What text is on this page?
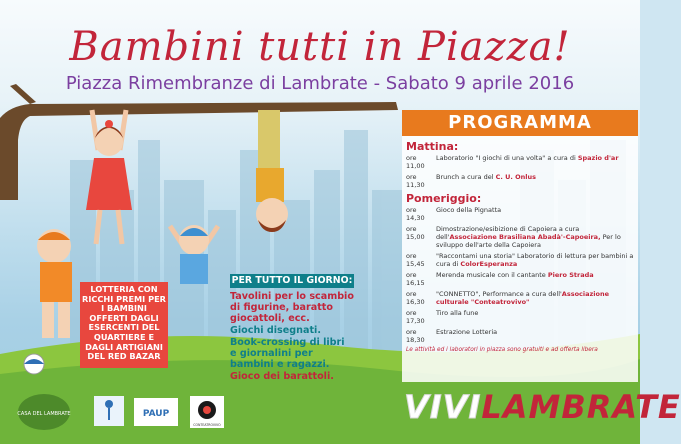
Bambini tutti in Piazza!
Piazza Rimembranze di Lambrate - Sabato 9 aprile 2016
PROGRAMMA
Mattina:
ore 11,00
Laboratorio "I giochi di una volta" a cura di Spazio d'ar
ore 11,30
Brunch a cura del C. U. Onlus
Pomeriggio:
ore 14,30
Gioco della Pignatta
ore 15,00
Dimostrazione/esibizione di Capoiera a cura dell'Associazione Brasiliana Abadà'-Capoeira, Per lo sviluppo dell'arte della Capoiera
ore 15,45
"Raccontami una storia" Laboratorio di lettura per bambini a cura di ColorEsperanza
ore 16,15
Merenda musicale con il cantante Piero Strada
ore 16,30
"CONNETTO", Performance a cura dell'Associazione culturale "Conteatrovivo"
ore 17,30
Tiro alla fune
ore 18,30
Estrazione Lotteria
Le attività ed i laboratori in piazza sono gratuiti e ad offerta libera
LOTTERIA CON RICCHI PREMI PER I BAMBINI OFFERTI DAGLI ESERCENTI DEL QUARTIERE E DAGLI ARTIGIANI DEL RED BAZAR
PER TUTTO IL GIORNO:
Tavolini per lo scambio di figurine, baratto giocattoli, ecc.
Giochi disegnati.
Book-crossing di libri e giornalini per bambini e ragazzi.
Gioco dei barattoli.
CASA DEL LAMBRATE	PAUP
CONTEATROVIVO	VIVILAMBRATE
